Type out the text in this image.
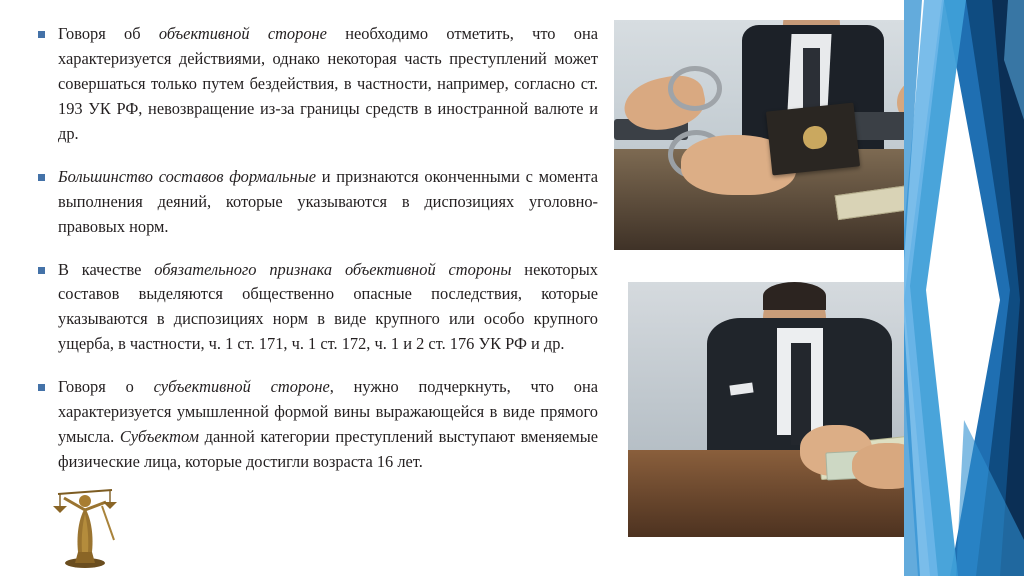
Говоря об объективной стороне необходимо отметить, что она характеризуется действиями, однако некоторая часть преступлений может совершаться только путем бездействия, в частности, например, согласно ст. 193 УК РФ, невозвращение из-за границы средств в иностранной валюте и др.
Большинство составов формальные и признаются оконченными с момента выполнения деяний, которые указываются в диспозициях уголовно-правовых норм.
В качестве обязательного признака объективной стороны некоторых составов выделяются общественно опасные последствия, которые указываются в диспозициях норм в виде крупного или особо крупного ущерба, в частности, ч. 1 ст. 171, ч. 1 ст. 172, ч. 1 и 2 ст. 176 УК РФ и др.
Говоря о субъективной стороне, нужно подчеркнуть, что она характеризуется умышленной формой вины выражающейся в виде прямого умысла. Субъектом данной категории преступлений выступают вменяемые физические лица, которые достигли возраста 16 лет.
